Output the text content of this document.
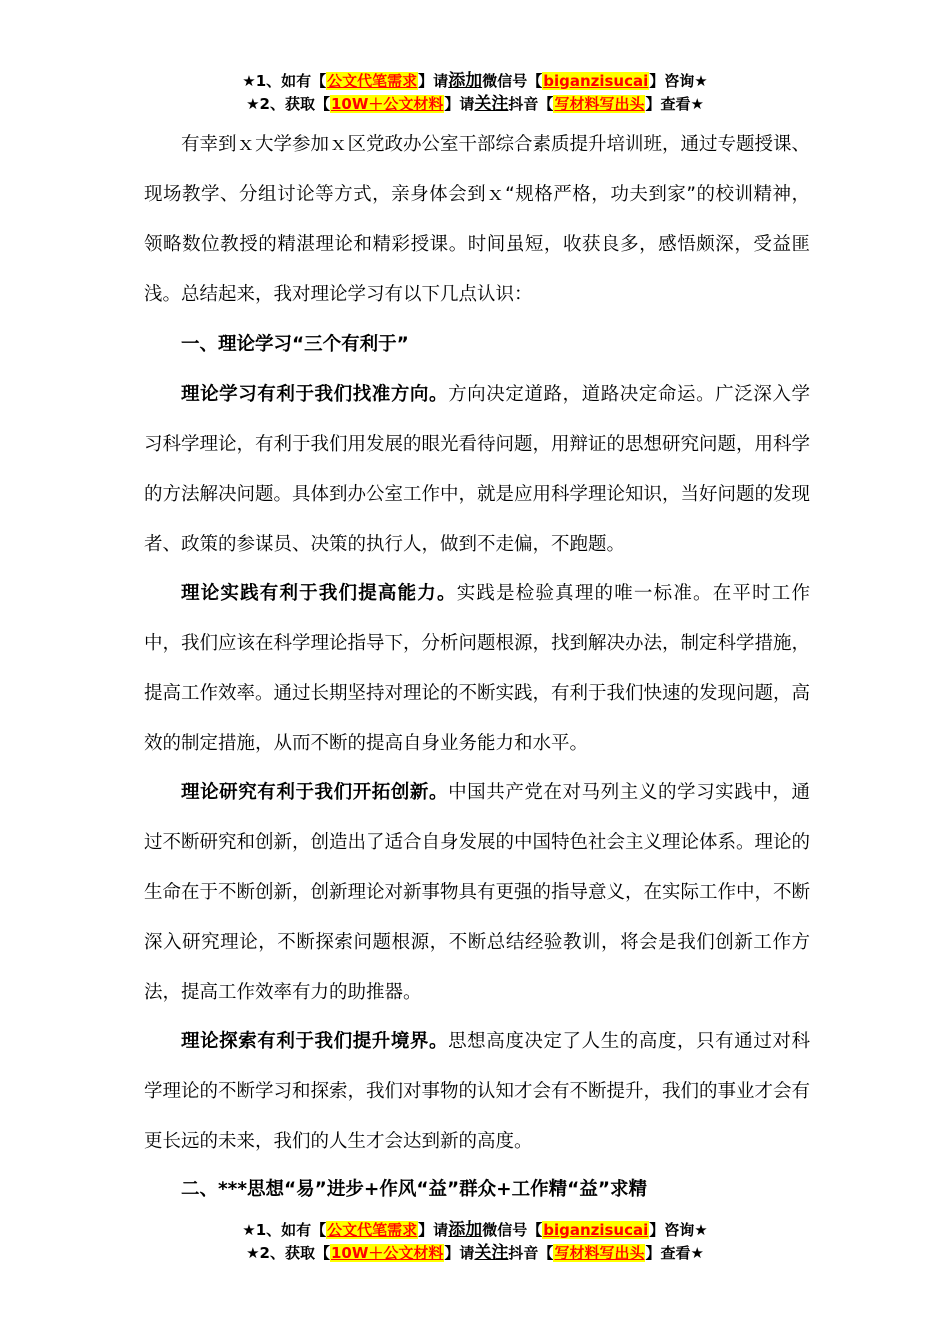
★1、如有【公文代笔需求】请添加微信号【biganzisucai】咨询★
★2、获取【10W＋公文材料】请关注抖音【写材料写出头】查看★
有幸到ｘ大学参加ｘ区党政办公室干部综合素质提升培训班，通过专题授课、现场教学、分组讨论等方式，亲身体会到ｘ“规格严格，功夫到家”的校训精神，领略数位教授的精湛理论和精彩授课。时间虽短，收获良多，感悟颇深，受益匪浅。总结起来，我对理论学习有以下几点认识：
一、理论学习“三个有利于”
理论学习有利于我们找准方向。方向决定道路，道路决定命运。广泛深入学习科学理论，有利于我们用发展的眼光看待问题，用辩证的思想研究问题，用科学的方法解决问题。具体到办公室工作中，就是应用科学理论知识，当好问题的发现者、政策的参谋员、决策的执行人，做到不走偏，不跑题。
理论实践有利于我们提高能力。实践是检验真理的唯一标准。在平时工作中，我们应该在科学理论指导下，分析问题根源，找到解决办法，制定科学措施，提高工作效率。通过长期坚持对理论的不断实践，有利于我们快速的发现问题，高效的制定措施，从而不断的提高自身业务能力和水平。
理论研究有利于我们开拓创新。中国共产党在对马列主义的学习实践中，通过不断研究和创新，创造出了适合自身发展的中国特色社会主义理论体系。理论的生命在于不断创新，创新理论对新事物具有更强的指导意义，在实际工作中，不断深入研究理论，不断探索问题根源，不断总结经验教训，将会是我们创新工作方法，提高工作效率有力的助推器。
理论探索有利于我们提升境界。思想高度决定了人生的高度，只有通过对科学理论的不断学习和探索，我们对事物的认知才会有不断提升，我们的事业才会有更长远的未来，我们的人生才会达到新的高度。
二、***思想“易”进步+作风“益”群众+工作精“益”求精
★1、如有【公文代笔需求】请添加微信号【biganzisucai】咨询★
★2、获取【10W＋公文材料】请关注抖音【写材料写出头】查看★
